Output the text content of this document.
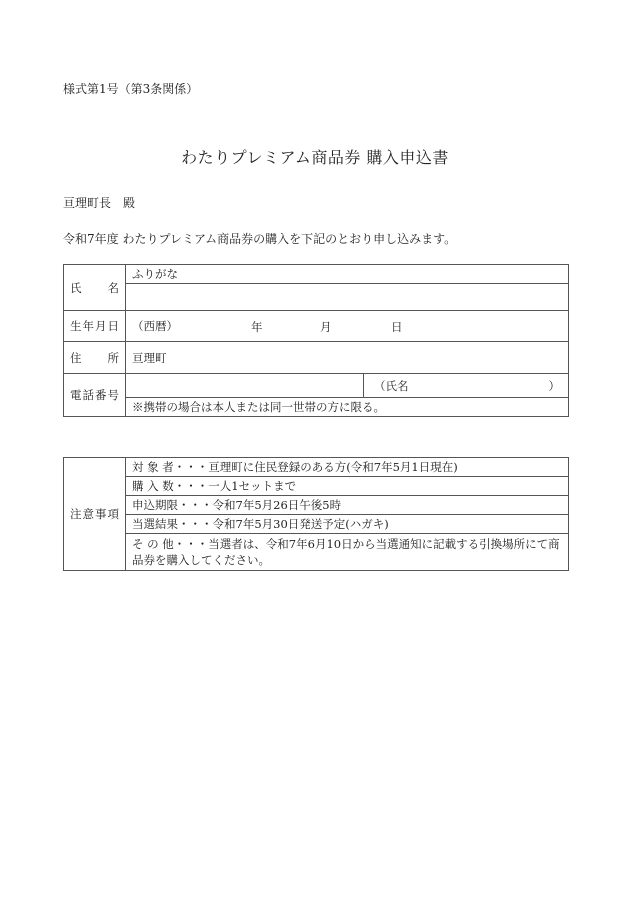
様式第1号（第3条関係）
わたりプレミアム商品券 購入申込書
亘理町長　殿
令和7年度 わたりプレミアム商品券の購入を下記のとおり申し込みます。
氏 名	ふりがな	

生 年 月 日	（西暦） 年 月 日	

住 所	亘理町	

電 話 番 号		（氏名 ）

	※携帯の場合は本人または同一世帯の方に限る。	
注 意 事 項
	対 象 者・・・亘理町に住民登録のある方(令和7年5月1日現在)
購 入 数・・・一人1セットまで
申込期限・・・令和7年5月26日午後5時
当選結果・・・令和7年5月30日発送予定(ハガキ)
そ の 他・・・当選者は、令和7年6月10日から当選通知に記載する引換場所にて商品券を購入してください。
